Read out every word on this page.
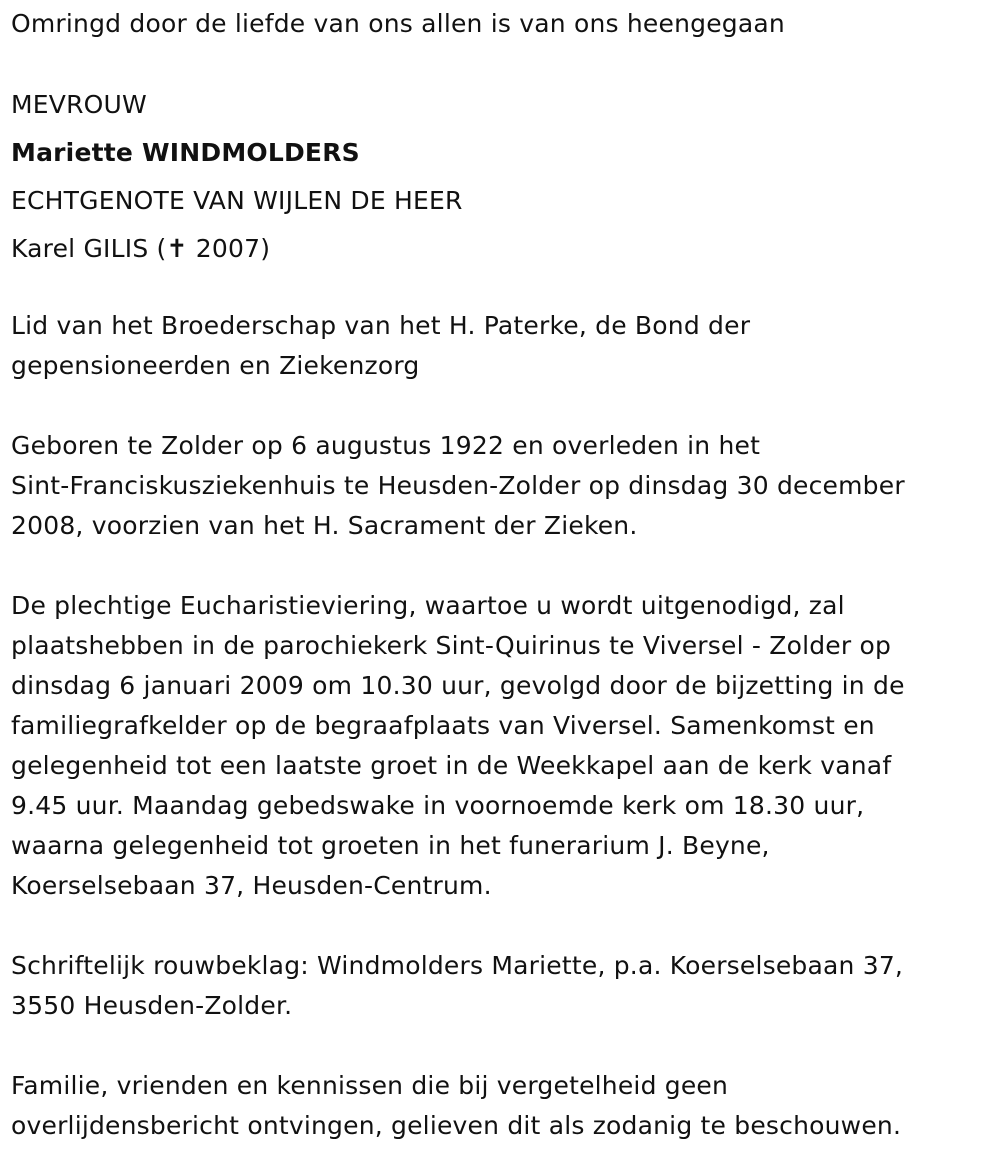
Omringd door de liefde van ons allen is van ons heengegaan
MEVROUW
Mariette WINDMOLDERS
ECHTGENOTE VAN WIJLEN DE HEER
Karel GILIS (✝ 2007)
Lid van het Broederschap van het H. Paterke, de Bond der
gepensioneerden en Ziekenzorg
Geboren te Zolder op 6 augustus 1922 en overleden in het
Sint-Franciskusziekenhuis te Heusden-Zolder op dinsdag 30 december
2008, voorzien van het H. Sacrament der Zieken.
De plechtige Eucharistieviering, waartoe u wordt uitgenodigd, zal
plaatshebben in de parochiekerk Sint-Quirinus te Viversel - Zolder op
dinsdag 6 januari 2009 om 10.30 uur, gevolgd door de bijzetting in de
familiegrafkelder op de begraafplaats van Viversel. Samenkomst en
gelegenheid tot een laatste groet in de Weekkapel aan de kerk vanaf
9.45 uur. Maandag gebedswake in voornoemde kerk om 18.30 uur,
waarna gelegenheid tot groeten in het funerarium J. Beyne,
Koerselsebaan 37, Heusden-Centrum.
Schriftelijk rouwbeklag: Windmolders Mariette, p.a. Koerselsebaan 37,
3550 Heusden-Zolder.
Familie, vrienden en kennissen die bij vergetelheid geen
overlijdensbericht ontvingen, gelieven dit als zodanig te beschouwen.
